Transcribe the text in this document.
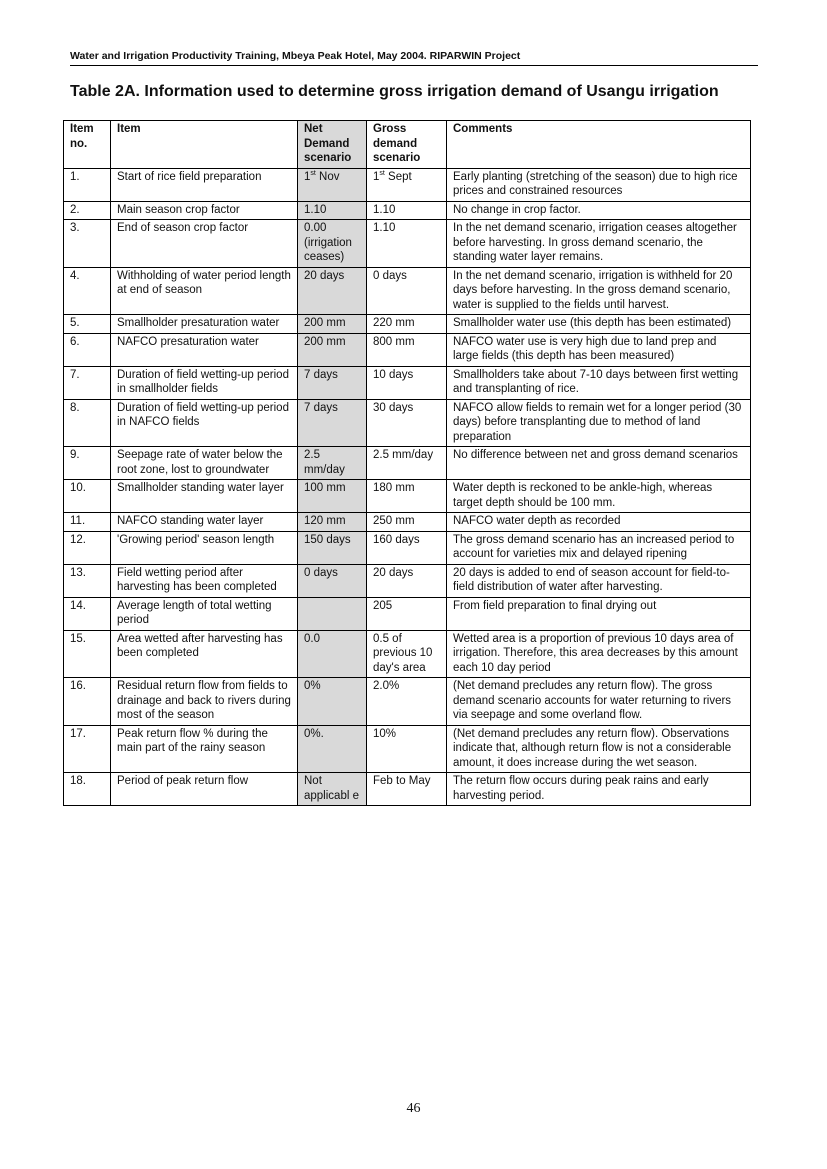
Water and Irrigation Productivity Training, Mbeya Peak Hotel, May 2004. RIPARWIN Project
Table 2A. Information used to determine gross irrigation demand of Usangu irrigation
Item no.	Item	Net Demand scenario	Gross demand scenario	Comments
1.	Start of rice field preparation	1st Nov	1st Sept	Early planting (stretching of the season) due to high rice prices and constrained resources
2.	Main season crop factor	1.10	1.10	No change in crop factor.
3.	End of season crop factor	0.00 (irrigation ceases)	1.10	In the net demand scenario, irrigation ceases altogether before harvesting. In gross demand scenario, the standing water layer remains.
4.	Withholding of water period length at end of season	20 days	0 days	In the net demand scenario, irrigation is withheld for 20 days before harvesting. In the gross demand scenario, water is supplied to the fields until harvest.
5.	Smallholder presaturation water	200 mm	220 mm	Smallholder water use (this depth has been estimated)
6.	NAFCO presaturation water	200 mm	800 mm	NAFCO water use is very high due to land prep and large fields (this depth has been measured)
7.	Duration of field wetting-up period in smallholder fields	7 days	10 days	Smallholders take about 7-10 days between first wetting and transplanting of rice.
8.	Duration of field wetting-up period in NAFCO fields	7 days	30 days	NAFCO allow fields to remain wet for a longer period (30 days) before transplanting due to method of land preparation
9.	Seepage rate of water below the root zone, lost to groundwater	2.5 mm/day	2.5 mm/day	No difference between net and gross demand scenarios
10.	Smallholder standing water layer	100 mm	180 mm	Water depth is reckoned to be ankle-high, whereas target depth should be 100 mm.
11.	NAFCO standing water layer	120 mm	250 mm	NAFCO water depth as recorded
12.	'Growing period' season length	150 days	160 days	The gross demand scenario has an increased period to account for varieties mix and delayed ripening
13.	Field wetting period after harvesting has been completed	0 days	20 days	20 days is added to end of season account for field-to-field distribution of water after harvesting.
14.	Average length of total wetting period		205	From field preparation to final drying out
15.	Area wetted after harvesting has been completed	0.0	0.5 of previous 10 day's area	Wetted area is a proportion of previous 10 days area of irrigation. Therefore, this area decreases by this amount each 10 day period
16.	Residual return flow from fields to drainage and back to rivers during most of the season	0%	2.0%	(Net demand precludes any return flow). The gross demand scenario accounts for water returning to rivers via seepage and some overland flow.
17.	Peak return flow % during the main part of the rainy season	0%.	10%	(Net demand precludes any return flow). Observations indicate that, although return flow is not a considerable amount, it does increase during the wet season.
18.	Period of peak return flow	Not applicabl e	Feb to May	The return flow occurs during peak rains and early harvesting period.
46
